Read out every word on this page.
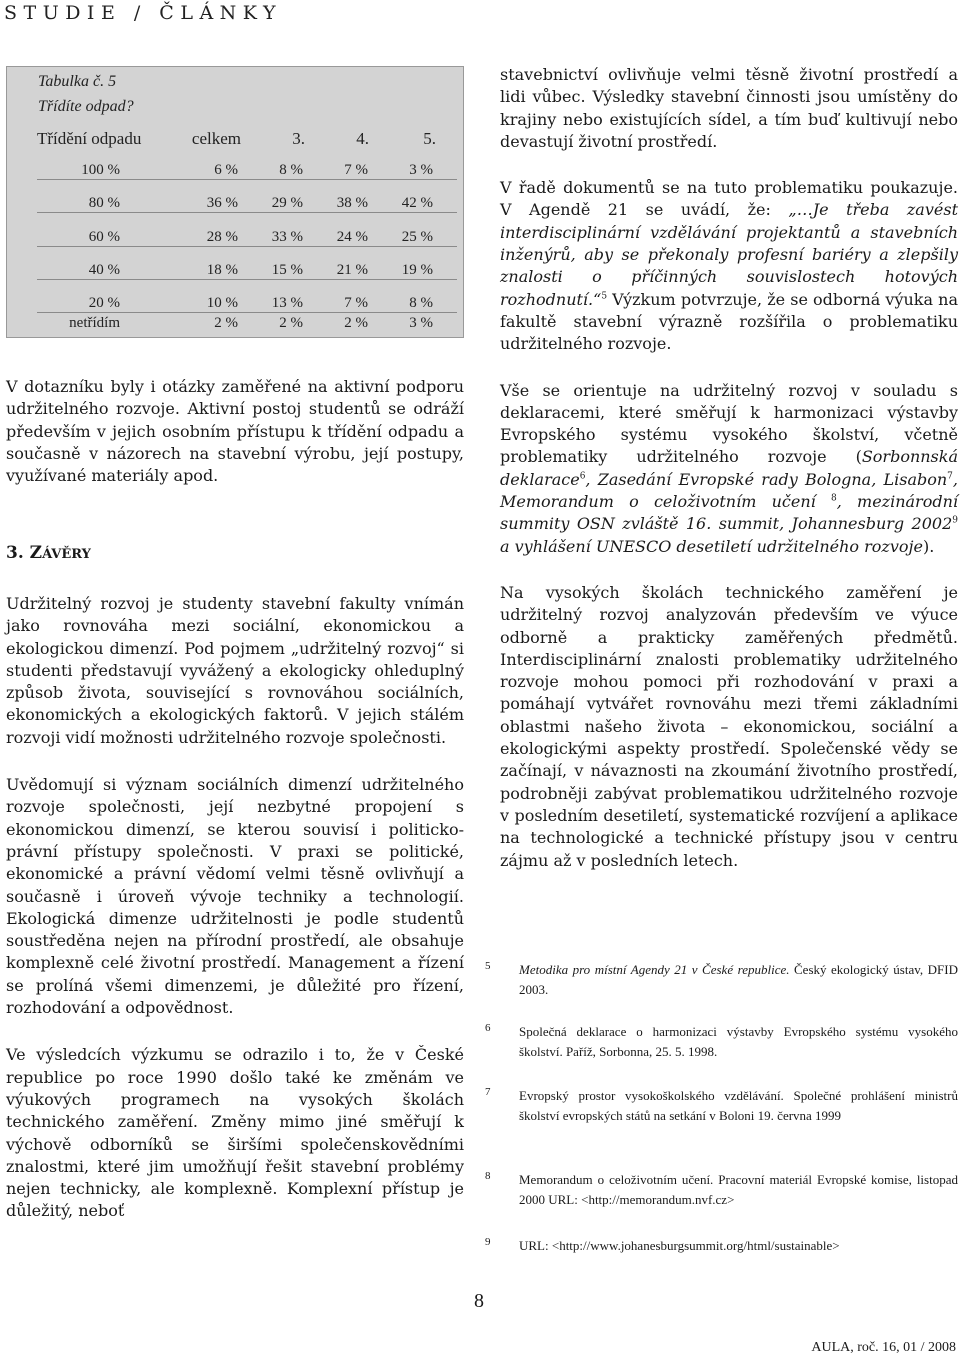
STUDIE / ČLÁNKY
Tabulka č. 5
Třídíte odpad?
Třídění odpadu	celkem	3.	4.	5.
100 %	6 %	8 %	7 %	3 %
80 %	36 % 29 % 38 % 42 %
60 %	28 % 33 % 24 % 25 %
40 %	18 % 15 % 21 % 19 %
20 %	10 % 13 %	7 %	8 %
netřídím	2 %	2 %	2 %	3 %

V dotazníku byly i otázky zaměřené na aktivní podporu udržitelného rozvoje. Aktivní postoj studentů se odráží především v jejich osobním přístupu k třídění odpadu a současně v názorech na stavební výrobu, její postupy, využívané materiály apod.

3. ZÁVĚRY

Udržitelný rozvoj je studenty stavební fakulty vnímán jako rovnováha mezi sociální, ekonomickou a ekologickou dimenzí. Pod pojmem „udržitelný rozvoj“ si studenti představují vyvážený a ekologicky ohleduplný způsob života, související s rovnováhou sociálních, ekonomických a ekologických faktorů. V jejich stálém rozvoji vidí možnosti udržitelného rozvoje společnosti.

Uvědomují si význam sociálních dimenzí udržitelného rozvoje společnosti, její nezbytné propojení s ekonomickou dimenzí, se kterou souvisí i politicko-právní přístupy společnosti. V praxi se politické, ekonomické a právní vědomí velmi těsně ovlivňují a současně i úroveň vývoje techniky a technologií. Ekologická dimenze udržitelnosti je podle studentů soustředěna nejen na přírodní prostředí, ale obsahuje komplexně celé životní prostředí. Management a řízení se prolíná všemi dimenzemi, je důležité pro řízení, rozhodování a odpovědnost.

Ve výsledcích výzkumu se odrazilo i to, že v České republice po roce 1990 došlo také ke změnám ve výukových programech na vysokých školách technického zaměření. Změny mimo jiné směřují k výchově odborníků se širšími společenskovědními znalostmi, které jim umožňují řešit stavební problémy nejen technicky, ale komplexně. Komplexní přístup je důležitý, neboť

stavebnictví ovlivňuje velmi těsně životní prostředí a lidi vůbec. Výsledky stavební činnosti jsou umístěny do krajiny nebo existujících sídel, a tím buď kultivují nebo devastují životní prostředí.

V řadě dokumentů se na tuto problematiku poukazuje. V Agendě 21 se uvádí, že: „…Je třeba zavést interdisciplinární vzdělávání projektantů a stavebních inženýrů, aby se překonaly profesní bariéry a zlepšily znalosti o příčinných souvislostech hotových rozhodnutí.“$^5$ Výzkum potvrzuje, že se odborná výuka na fakultě stavební výrazně rozšířila o problematiku udržitelného rozvoje.

Vše se orientuje na udržitelný rozvoj v souladu s deklaracemi, které směřují k harmonizaci výstavby Evropského systému vysokého školství, včetně problematiky udržitelného rozvoje (Sorbonnská deklarace$^6$, Zasedání Evropské rady Bologna, Lisabon$^7$, Memorandum o celoživotním učení $^8$, mezinárodní summity OSN zvláště 16. summit, Johannesburg 2002$^9$ a vyhlášení UNESCO desetiletí udržitelného rozvoje).

Na vysokých školách technického zaměření je udržitelný rozvoj analyzován především ve výuce odborně a prakticky zaměřených předmětů. Interdisciplinární znalosti problematiky udržitelného rozvoje mohou pomoci při rozhodování v praxi a pomáhají vytvářet rovnováhu mezi třemi základními oblastmi našeho života – ekonomickou, sociální a ekologickými aspekty prostředí. Společenské vědy se začínají, v návaznosti na zkoumání životního prostředí, podrobněji zabývat problematikou udržitelného rozvoje v posledním desetiletí, systematické rozvíjení a aplikace na technologické a technické přístupy jsou v centru zájmu až v posledních letech.

5 Metodika pro místní Agendy 21 v České republice. Český ekologický ústav, DFID 2003.
6 Společná deklarace o harmonizaci výstavby Evropského systému vysokého školství. Paříž, Sorbonna, 25. 5. 1998.
7 Evropský prostor vysokoškolského vzdělávání. Společné prohlášení ministrů školství evropských států na setkání v Boloni 19. června 1999
8 Memorandum o celoživotním učení. Pracovní materiál Evropské komise, listopad 2000 URL: <http://memorandum.nvf.cz>
9 URL: <http://www.johanesburgsummit.org/html/sustainable>
8
AULA, roč. 16, 01 / 2008
